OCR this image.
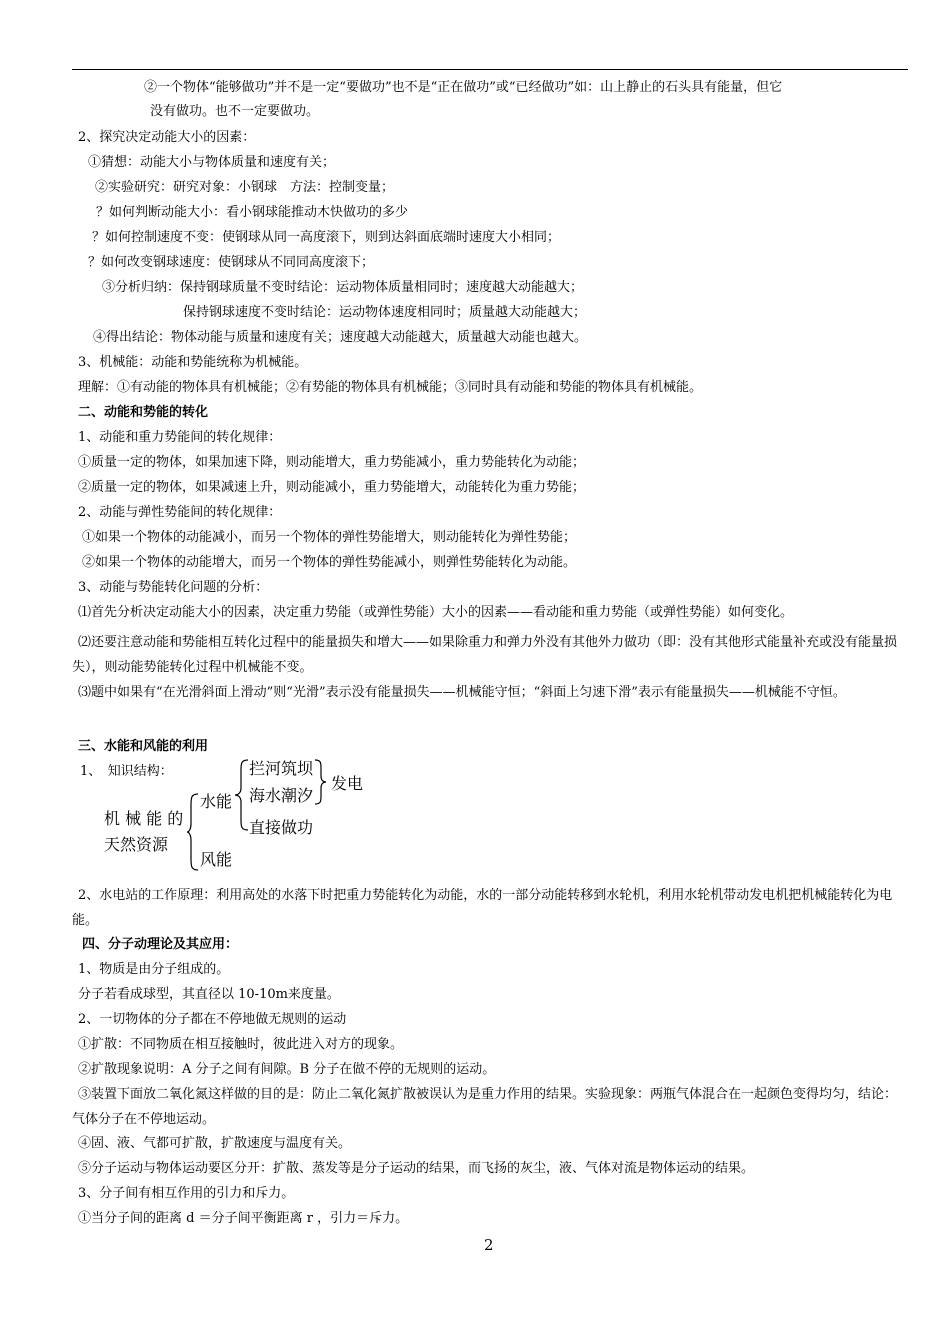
②一个物体“能够做功”并不是一定“要做功”也不是“正在做功”或“已经做功”如：山上静止的石头具有能量，但它
没有做功。也不一定要做功。
2、探究决定动能大小的因素：
①猜想：动能大小与物体质量和速度有关；
②实验研究：研究对象：小钢球　方法：控制变量；
？如何判断动能大小：看小钢球能推动木快做功的多少
？如何控制速度不变：使钢球从同一高度滚下，则到达斜面底端时速度大小相同；
？如何改变钢球速度：使钢球从不同同高度滚下；
③分析归纳：保持钢球质量不变时结论：运动物体质量相同时；速度越大动能越大；
保持钢球速度不变时结论：运动物体速度相同时；质量越大动能越大；
④得出结论：物体动能与质量和速度有关；速度越大动能越大，质量越大动能也越大。
3、机械能：动能和势能统称为机械能。
理解：①有动能的物体具有机械能；②有势能的物体具有机械能；③同时具有动能和势能的物体具有机械能。
二、动能和势能的转化
1、动能和重力势能间的转化规律：
①质量一定的物体，如果加速下降，则动能增大，重力势能减小，重力势能转化为动能；
②质量一定的物体，如果减速上升，则动能减小，重力势能增大，动能转化为重力势能；
2、动能与弹性势能间的转化规律：
①如果一个物体的动能减小，而另一个物体的弹性势能增大，则动能转化为弹性势能；
②如果一个物体的动能增大，而另一个物体的弹性势能减小，则弹性势能转化为动能。
3、动能与势能转化问题的分析：
⑴首先分析决定动能大小的因素，决定重力势能（或弹性势能）大小的因素——看动能和重力势能（或弹性势能）如何变化。
⑵还要注意动能和势能相互转化过程中的能量损失和增大——如果除重力和弹力外没有其他外力做功（即：没有其他形式能量补充或没有能量损失），则动能势能转化过程中机械能不变。
⑶题中如果有“在光滑斜面上滑动”则“光滑”表示没有能量损失——机械能守恒；“斜面上匀速下滑”表示有能量损失——机械能不守恒。
三、水能和风能的利用
1、　知识结构：
机 械 能 的
天然资源
水能
风能
拦河筑坝
海水潮汐
直接做功
发电
2、水电站的工作原理：利用高处的水落下时把重力势能转化为动能，水的一部分动能转移到水轮机，利用水轮机带动发电机把机械能转化为电能。
四、分子动理论及其应用：
1、物质是由分子组成的。
分子若看成球型，其直径以 10-10m来度量。
2、一切物体的分子都在不停地做无规则的运动
①扩散：不同物质在相互接触时，彼此进入对方的现象。
②扩散现象说明：A 分子之间有间隙。B 分子在做不停的无规则的运动。
③装置下面放二氧化氮这样做的目的是：防止二氧化氮扩散被误认为是重力作用的结果。实验现象：两瓶气体混合在一起颜色变得均匀，结论：气体分子在不停地运动。
④固、液、气都可扩散，扩散速度与温度有关。
⑤分子运动与物体运动要区分开：扩散、蒸发等是分子运动的结果，而飞扬的灰尘，液、气体对流是物体运动的结果。
3、分子间有相互作用的引力和斥力。
①当分子间的距离 d ＝分子间平衡距离 r ，引力＝斥力。
2
